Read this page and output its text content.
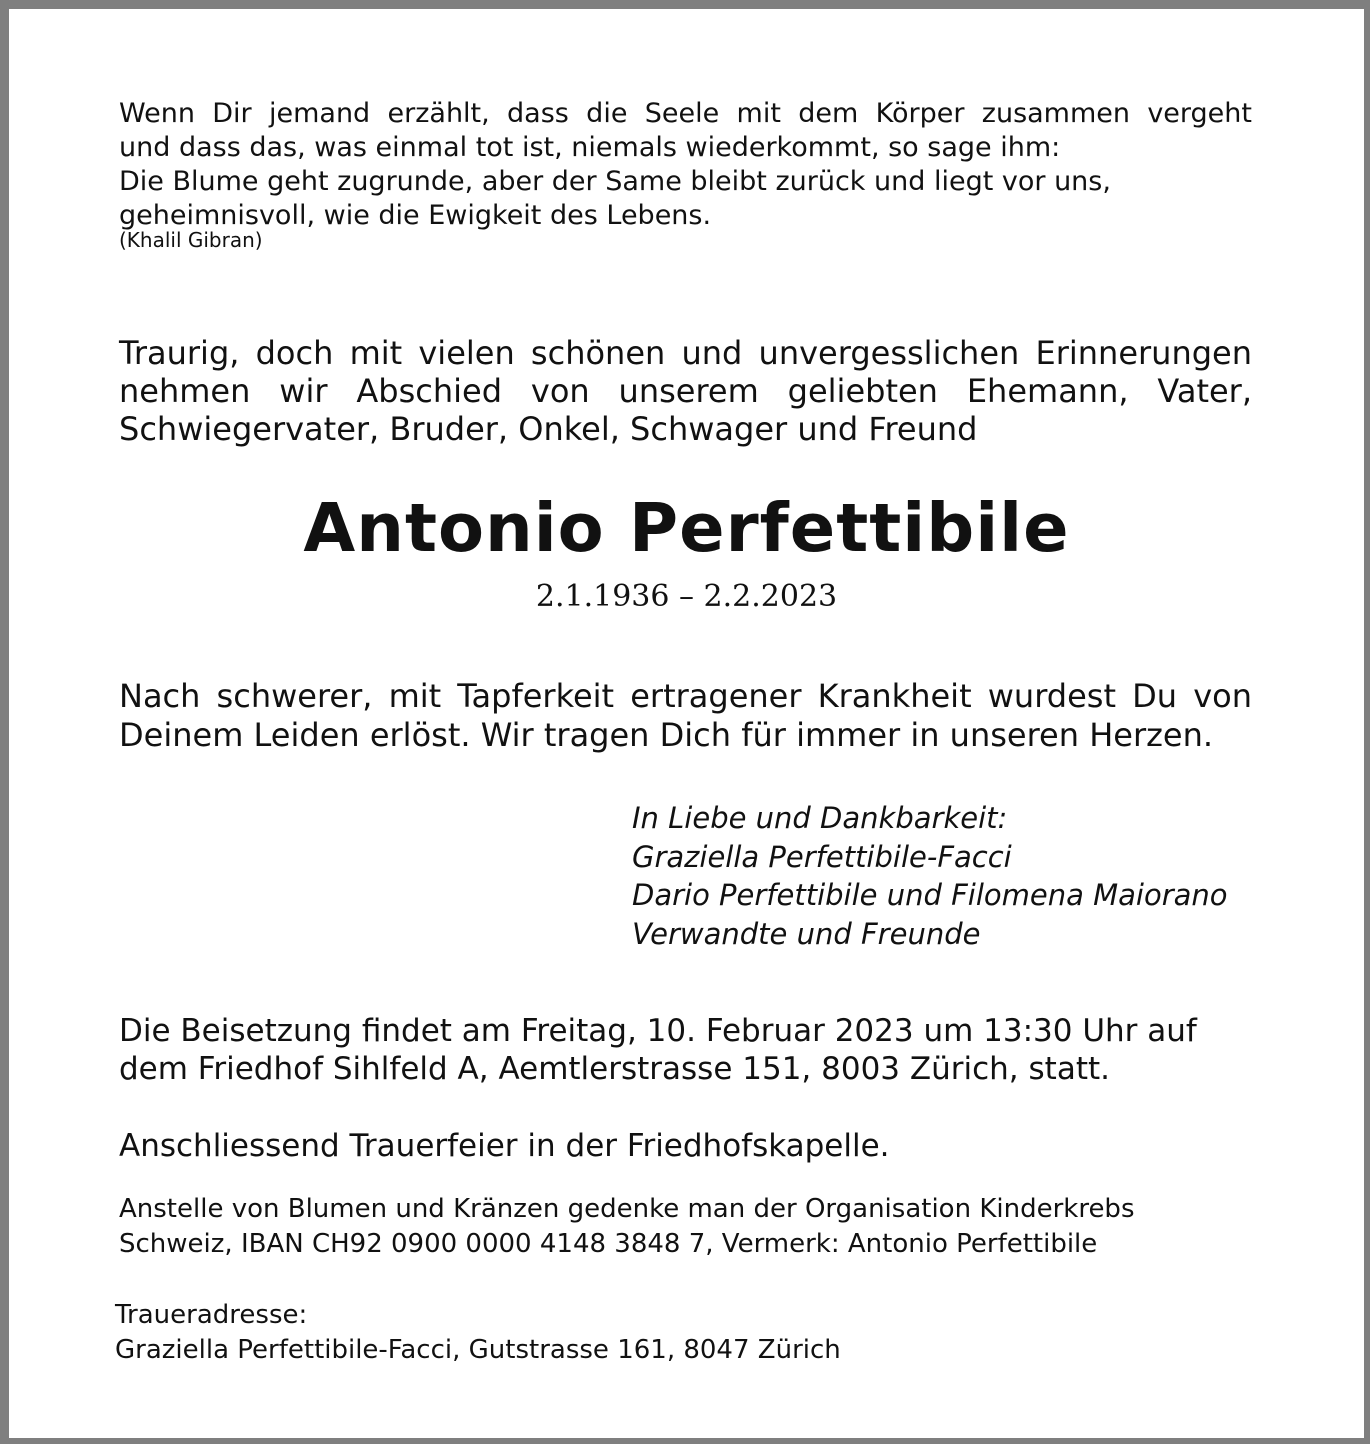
Wenn Dir jemand erzählt, dass die Seele mit dem Körper zusammen vergeht
und dass das, was einmal tot ist, niemals wiederkommt, so sage ihm:
Die Blume geht zugrunde, aber der Same bleibt zurück und liegt vor uns,
geheimnisvoll, wie die Ewigkeit des Lebens.
(Khalil Gibran)
Traurig, doch mit vielen schönen und unvergesslichen Erinnerungen
nehmen wir Abschied von unserem geliebten Ehemann, Vater,
Schwiegervater, Bruder, Onkel, Schwager und Freund
Antonio Perfettibile
2.1.1936 – 2.2.2023
Nach schwerer, mit Tapferkeit ertragener Krankheit wurdest Du von
Deinem Leiden erlöst. Wir tragen Dich für immer in unseren Herzen.
In Liebe und Dankbarkeit:
Graziella Perfettibile-Facci
Dario Perfettibile und Filomena Maiorano
Verwandte und Freunde
Die Beisetzung findet am Freitag, 10. Februar 2023 um 13:30 Uhr auf
dem Friedhof Sihlfeld A, Aemtlerstrasse 151, 8003 Zürich, statt.
Anschliessend Trauerfeier in der Friedhofskapelle.
Anstelle von Blumen und Kränzen gedenke man der Organisation Kinderkrebs
Schweiz, IBAN CH92 0900 0000 4148 3848 7, Vermerk: Antonio Perfettibile
Traueradresse:
Graziella Perfettibile-Facci, Gutstrasse 161, 8047 Zürich
